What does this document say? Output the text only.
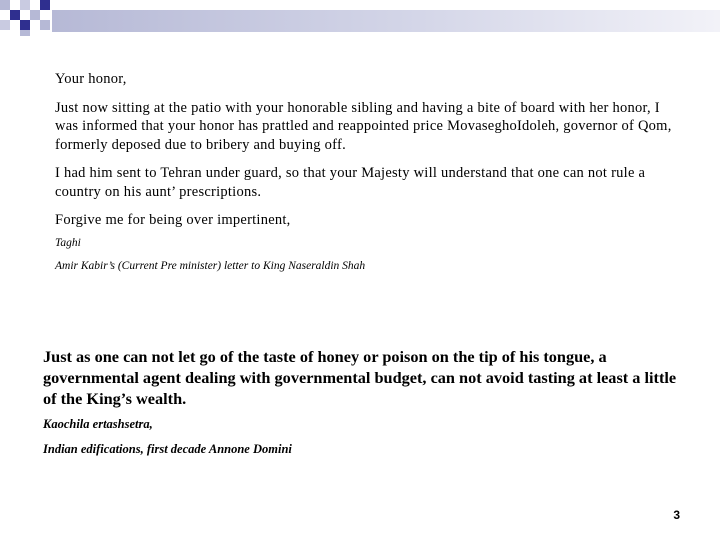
Your honor,

Just now sitting at the patio with your honorable sibling and having a bite of board with her honor, I was informed that your honor has prattled and reappointed price MovaseghoIdoleh, governor of Qom, formerly deposed due to bribery and buying off.

I had him sent to Tehran under guard, so that your Majesty will understand that one can not rule a country on his aunt’ prescriptions.

Forgive me for being over impertinent,

Taghi

Amir Kabir’s (Current Pre minister) letter to King Naseraldin Shah

Just as one can not let go of the taste of honey or poison on the tip of his tongue, a governmental agent dealing with governmental budget, can not avoid tasting at least a little of the King’s wealth.

Kaochila ertashsetra,

Indian edifications, first decade Annone Domini

3
